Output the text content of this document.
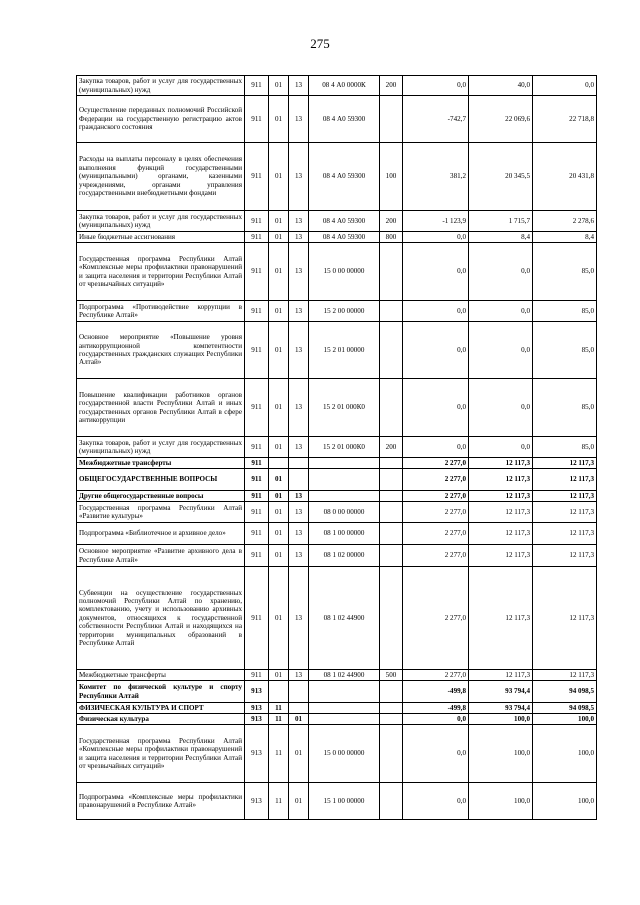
275
Закупка товаров, работ и услуг для государственных (муниципальных) нужд	911	01	13	08 4 А0 0000К	200	0,0	40,0	0,0
Осуществление переданных полномочий Российской Федерации на государственную регистрацию актов гражданского состояния	911	01	13	08 4 А0 59300		-742,7	22 069,6	22 718,8
Расходы на выплаты персоналу в целях обеспечения выполнения функций государственными (муниципальными) органами, казенными учреждениями, органами управления государственными внебюджетными фондами	911	01	13	08 4 А0 59300	100	381,2	20 345,5	20 431,8
Закупка товаров, работ и услуг для государственных (муниципальных) нужд	911	01	13	08 4 А0 59300	200	-1 123,9	1 715,7	2 278,6
Иные бюджетные ассигнования	911	01	13	08 4 А0 59300	800	0,0	8,4	8,4
Государственная программа Республики Алтай «Комплексные меры профилактики правонарушений и защита населения и территории Республики Алтай от чрезвычайных ситуаций»	911	01	13	15 0 00 00000		0,0	0,0	85,0
Подпрограмма «Противодействие коррупции в Республике Алтай»	911	01	13	15 2 00 00000		0,0	0,0	85,0
Основное мероприятие «Повышение уровня антикоррупционной компетентности государственных гражданских служащих Республики Алтай»	911	01	13	15 2 01 00000		0,0	0,0	85,0
Повышение квалификации работников органов государственной власти Республики Алтай и иных государственных органов Республики Алтай в сфере антикоррупции	911	01	13	15 2 01 000К0		0,0	0,0	85,0
Закупка товаров, работ и услуг для государственных (муниципальных) нужд	911	01	13	15 2 01 000К0	200	0,0	0,0	85,0
Межбюджетные трансферты	911					2 277,0	12 117,3	12 117,3
ОБЩЕГОСУДАРСТВЕННЫЕ ВОПРОСЫ	911	01				2 277,0	12 117,3	12 117,3
Другие общегосударственные вопросы	911	01	13			2 277,0	12 117,3	12 117,3
Государственная программа Республики Алтай «Развитие культуры»	911	01	13	08 0 00 00000		2 277,0	12 117,3	12 117,3
Подпрограмма «Библиотечное и архивное дело»	911	01	13	08 1 00 00000		2 277,0	12 117,3	12 117,3
Основное мероприятие «Развитие архивного дела в Республике Алтай»	911	01	13	08 1 02 00000		2 277,0	12 117,3	12 117,3
Субвенции на осуществление государственных полномочий Республики Алтай по хранению, комплектованию, учету и использованию архивных документов, относящихся к государственной собственности Республики Алтай и находящихся на территории муниципальных образований в Республике Алтай	911	01	13	08 1 02 44900		2 277,0	12 117,3	12 117,3
Межбюджетные трансферты	911	01	13	08 1 02 44900	500	2 277,0	12 117,3	12 117,3
Комитет по физической культуре и спорту Республики Алтай	913					-499,8	93 794,4	94 098,5
ФИЗИЧЕСКАЯ КУЛЬТУРА И СПОРТ	913	11				-499,8	93 794,4	94 098,5
Физическая культура	913	11	01			0,0	100,0	100,0
Государственная программа Республики Алтай «Комплексные меры профилактики правонарушений и защита населения и территории Республики Алтай от чрезвычайных ситуаций»	913	11	01	15 0 00 00000		0,0	100,0	100,0
Подпрограмма «Комплексные меры профилактики правонарушений в Республике Алтай»	913	11	01	15 1 00 00000		0,0	100,0	100,0
